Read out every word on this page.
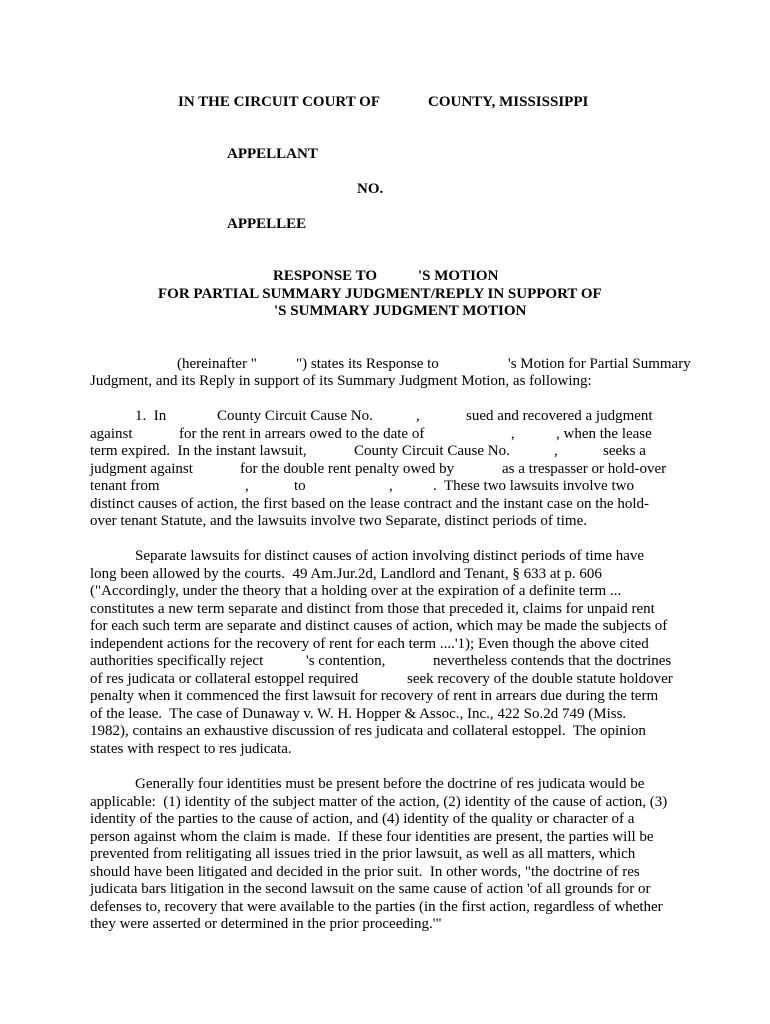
IN THE CIRCUIT COURT OF	COUNTY, MISSISSIPPI
APPELLANT
NO.
APPELLEE
RESPONSE TO	'S MOTION
FOR PARTIAL SUMMARY JUDGMENT/REPLY IN SUPPORT OF
'S SUMMARY JUDGMENT MOTION
(hereinafter "	") states its Response to	's Motion for Partial Summary
Judgment, and its Reply in support of its Summary Judgment Motion, as following:
1.  In	County Circuit Cause No.	,	sued and recovered a judgment
against	for the rent in arrears owed to the date of	,	, when the lease
term expired.  In the instant lawsuit,	County Circuit Cause No.	,	seeks a
judgment against	for the double rent penalty owed by	as a trespasser or hold-over
tenant from	,	to	,	.  These two lawsuits involve two
distinct causes of action, the first based on the lease contract and the instant case on the hold-
over tenant Statute, and the lawsuits involve two Separate, distinct periods of time.
Separate lawsuits for distinct causes of action involving distinct periods of time have
long been allowed by the courts.  49 Am.Jur.2d, Landlord and Tenant, § 633 at p. 606
("Accordingly, under the theory that a holding over at the expiration of a definite term ...
constitutes a new term separate and distinct from those that preceded it, claims for unpaid rent
for each such term are separate and distinct causes of action, which may be made the subjects of
independent actions for the recovery of rent for each term ....'1); Even though the above cited
authorities specifically reject	's contention,	nevertheless contends that the doctrines
of res judicata or collateral estoppel required	seek recovery of the double statute holdover
penalty when it commenced the first lawsuit for recovery of rent in arrears due during the term
of the lease.  The case of Dunaway v. W. H. Hopper & Assoc., Inc., 422 So.2d 749 (Miss.
1982), contains an exhaustive discussion of res judicata and collateral estoppel.  The opinion
states with respect to res judicata.
Generally four identities must be present before the doctrine of res judicata would be
applicable:  (1) identity of the subject matter of the action, (2) identity of the cause of action, (3)
identity of the parties to the cause of action, and (4) identity of the quality or character of a
person against whom the claim is made.  If these four identities are present, the parties will be
prevented from relitigating all issues tried in the prior lawsuit, as well as all matters, which
should have been litigated and decided in the prior suit.  In other words, "the doctrine of res
judicata bars litigation in the second lawsuit on the same cause of action 'of all grounds for or
defenses to, recovery that were available to the parties (in the first action, regardless of whether
they were asserted or determined in the prior proceeding.'"
